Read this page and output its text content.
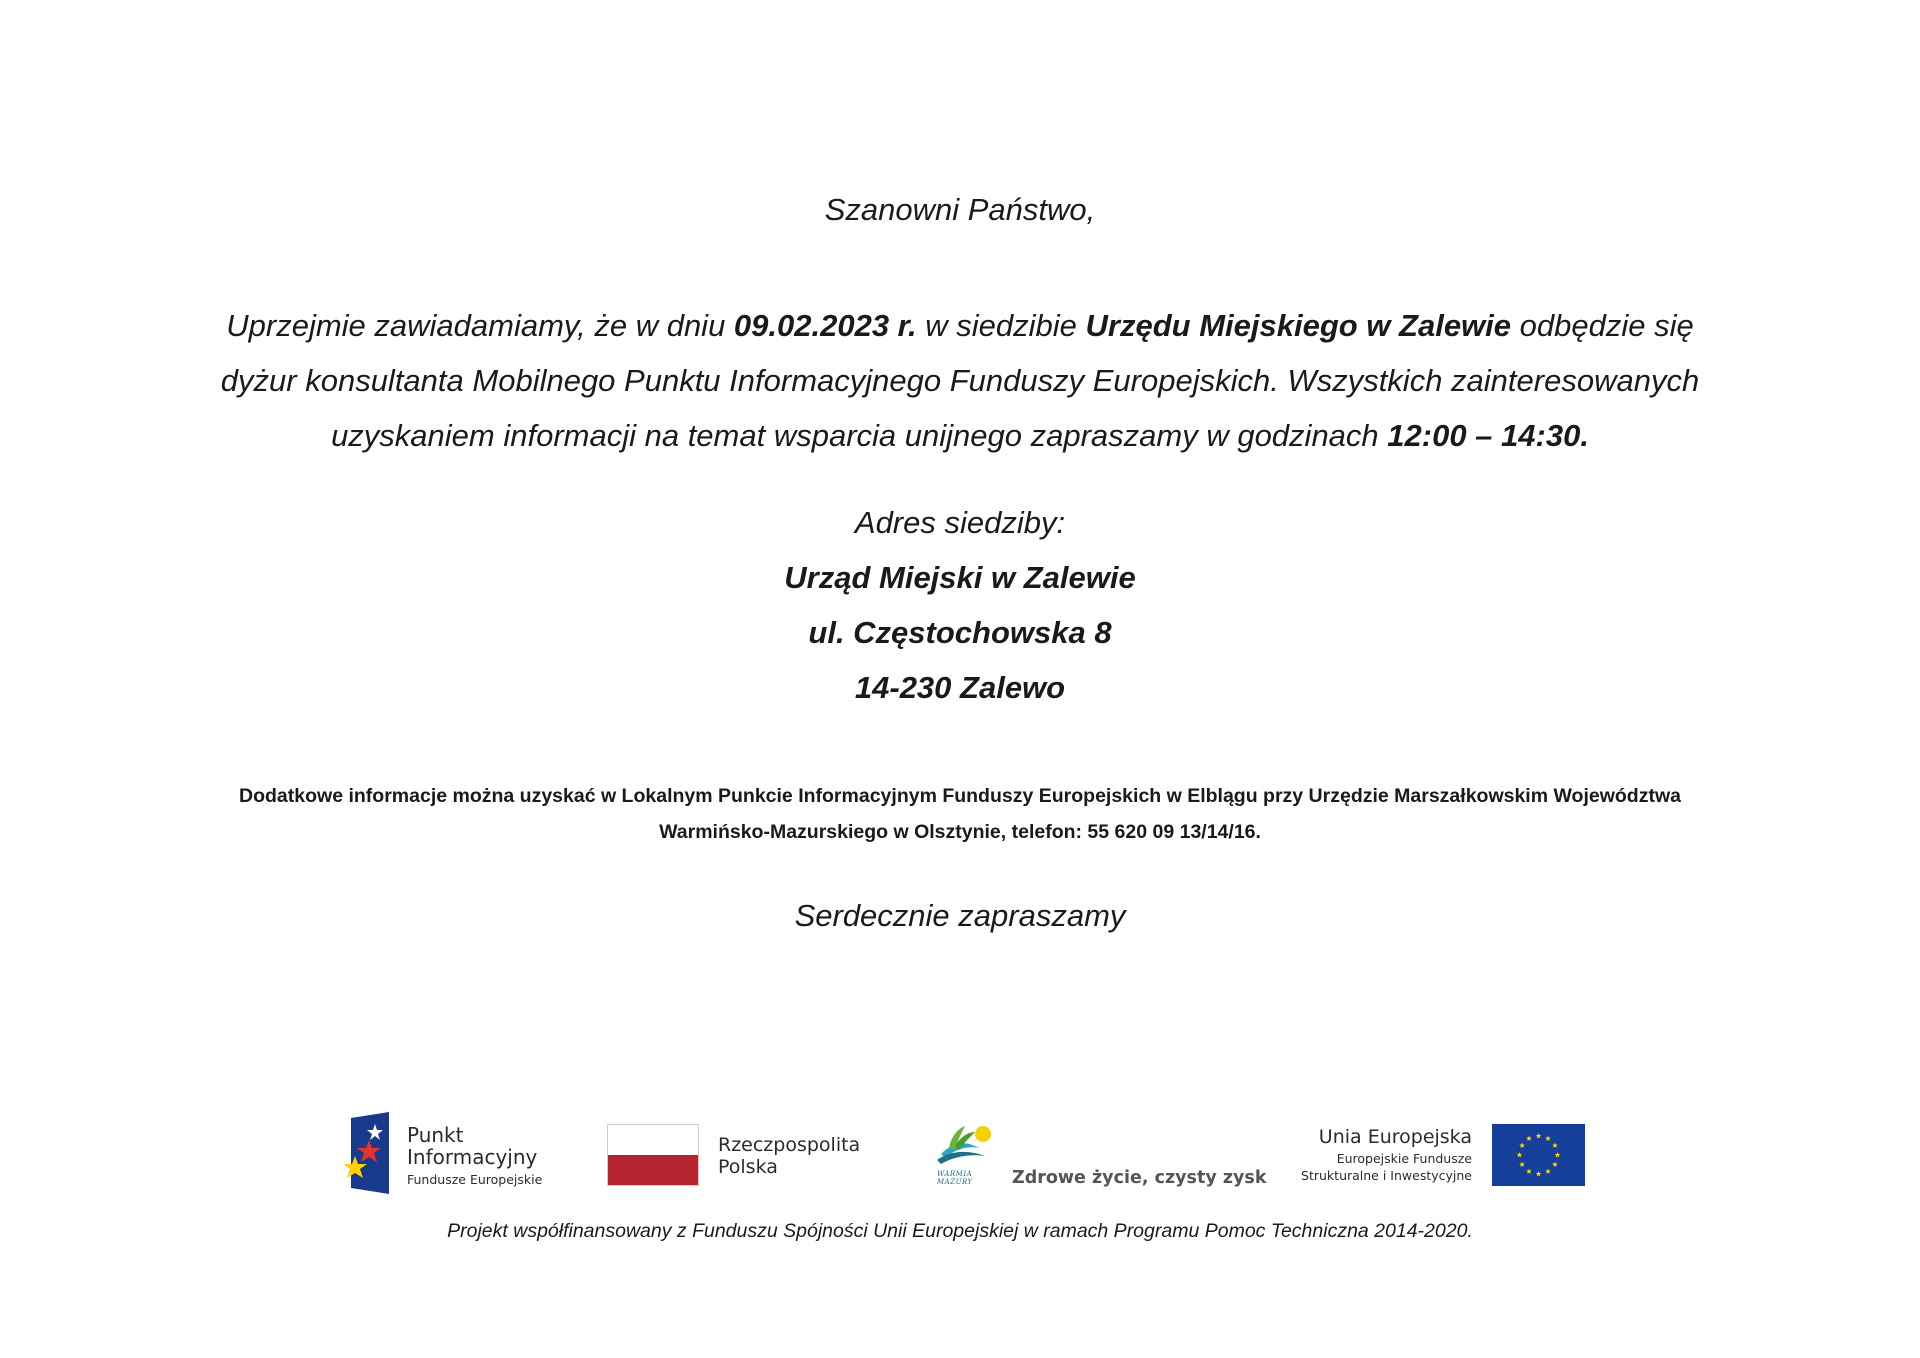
Szanowni Państwo,
Uprzejmie zawiadamiamy, że w dniu 09.02.2023 r. w siedzibie Urzędu Miejskiego w Zalewie odbędzie się dyżur konsultanta Mobilnego Punktu Informacyjnego Funduszy Europejskich. Wszystkich zainteresowanych uzyskaniem informacji na temat wsparcia unijnego zapraszamy w godzinach 12:00 – 14:30.
Adres siedziby:
Urząd Miejski w Zalewie
ul. Częstochowska 8
14-230 Zalewo
Dodatkowe informacje można uzyskać w Lokalnym Punkcie Informacyjnym Funduszy Europejskich w Elblągu przy Urzędzie Marszałkowskim Województwa Warmińsko-Mazurskiego w Olsztynie, telefon: 55 620 09 13/14/16.
Serdecznie zapraszamy
Punkt
Informacyjny
Fundusze Europejskie
Rzeczpospolita
Polska	WARMIA
MAZURY Zdrowe życie, czysty zysk
Unia Europejska
Europejskie Fundusze
Strukturalne i Inwestycyjne
Projekt współfinansowany z Funduszu Spójności Unii Europejskiej w ramach Programu Pomoc Techniczna 2014-2020.
